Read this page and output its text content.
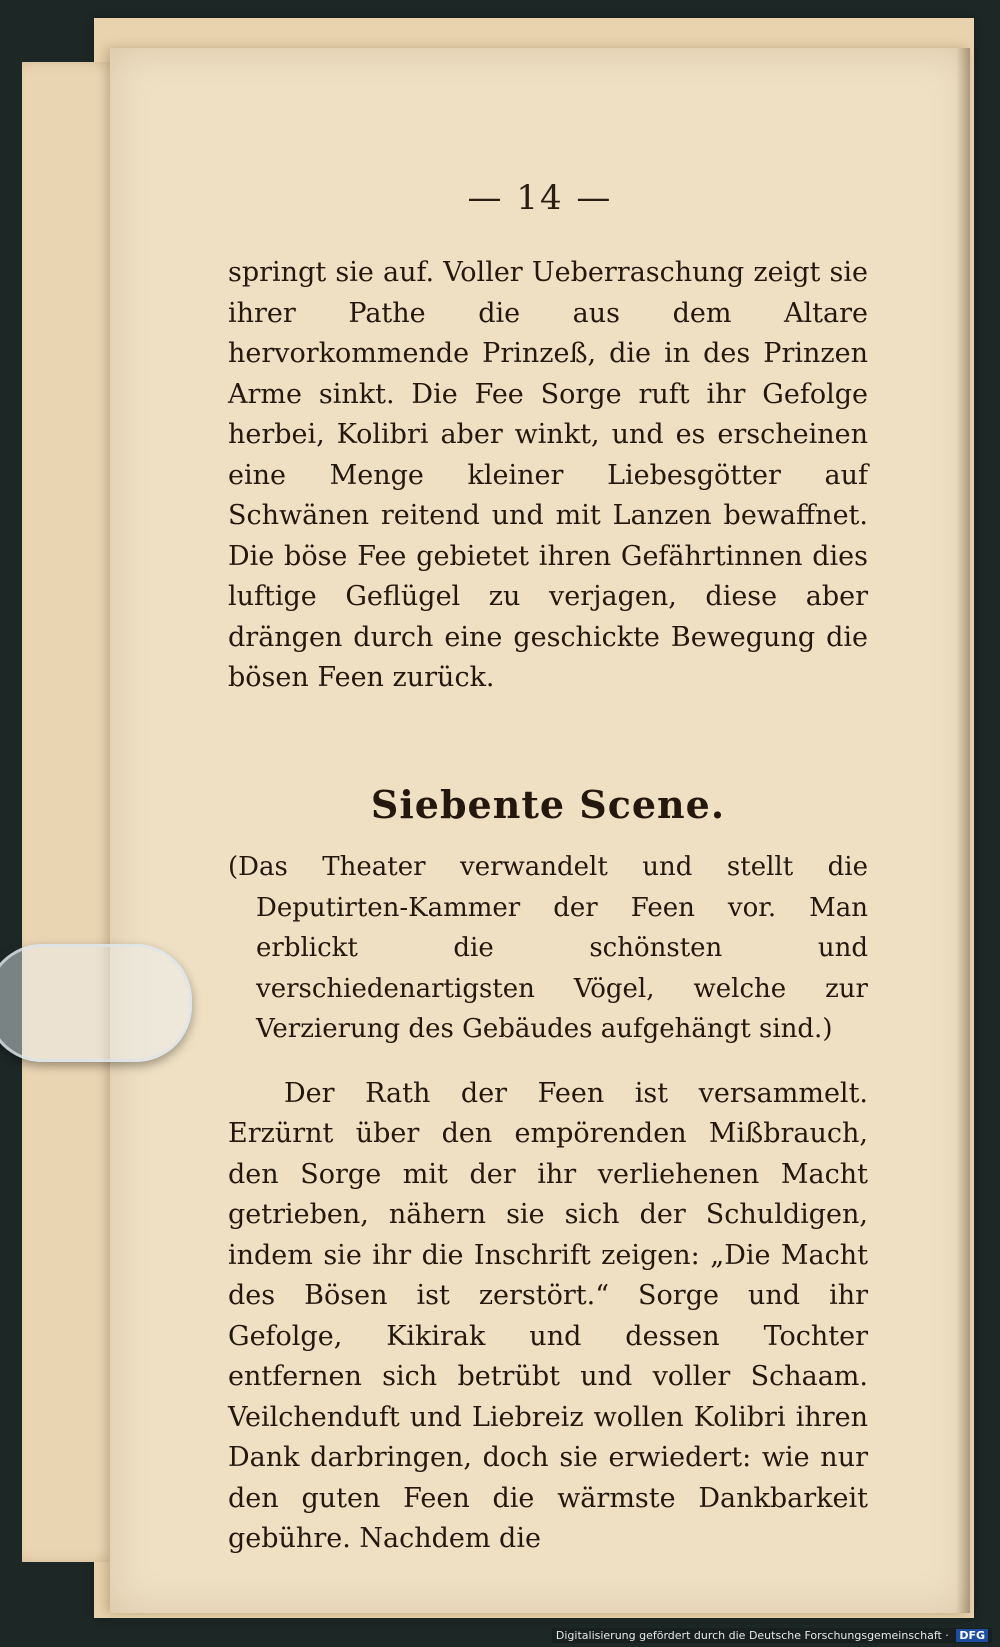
— 14 —

springt sie auf. Voller Ueberraschung zeigt sie ihrer Pathe die aus dem Altare hervorkommende Prinzeß, die in des Prinzen Arme sinkt. Die Fee Sorge ruft ihr Gefolge herbei, Kolibri aber winkt, und es erscheinen eine Menge kleiner Liebesgötter auf Schwänen reitend und mit Lanzen bewaffnet. Die böse Fee gebietet ihren Gefährtinnen dies luftige Geflügel zu verjagen, diese aber drängen durch eine geschickte Bewegung die bösen Feen zurück.

Siebente Scene.

(Das Theater verwandelt und stellt die Deputirten-Kammer der Feen vor. Man erblickt die schönsten und verschiedenartigsten Vögel, welche zur Verzierung des Gebäudes aufgehängt sind.)

Der Rath der Feen ist versammelt. Erzürnt über den empörenden Mißbrauch, den Sorge mit der ihr verliehenen Macht getrieben, nähern sie sich der Schuldigen, indem sie ihr die Inschrift zeigen: „Die Macht des Bösen ist zerstört.“ Sorge und ihr Gefolge, Kikirak und dessen Tochter entfernen sich betrübt und voller Schaam. Veilchenduft und Liebreiz wollen Kolibri ihren Dank darbringen, doch sie erwiedert: wie nur den guten Feen die wärmste Dankbarkeit gebühre. Nachdem die

Digitalisierung gefördert durch die Deutsche Forschungsgemeinschaft · DFG
